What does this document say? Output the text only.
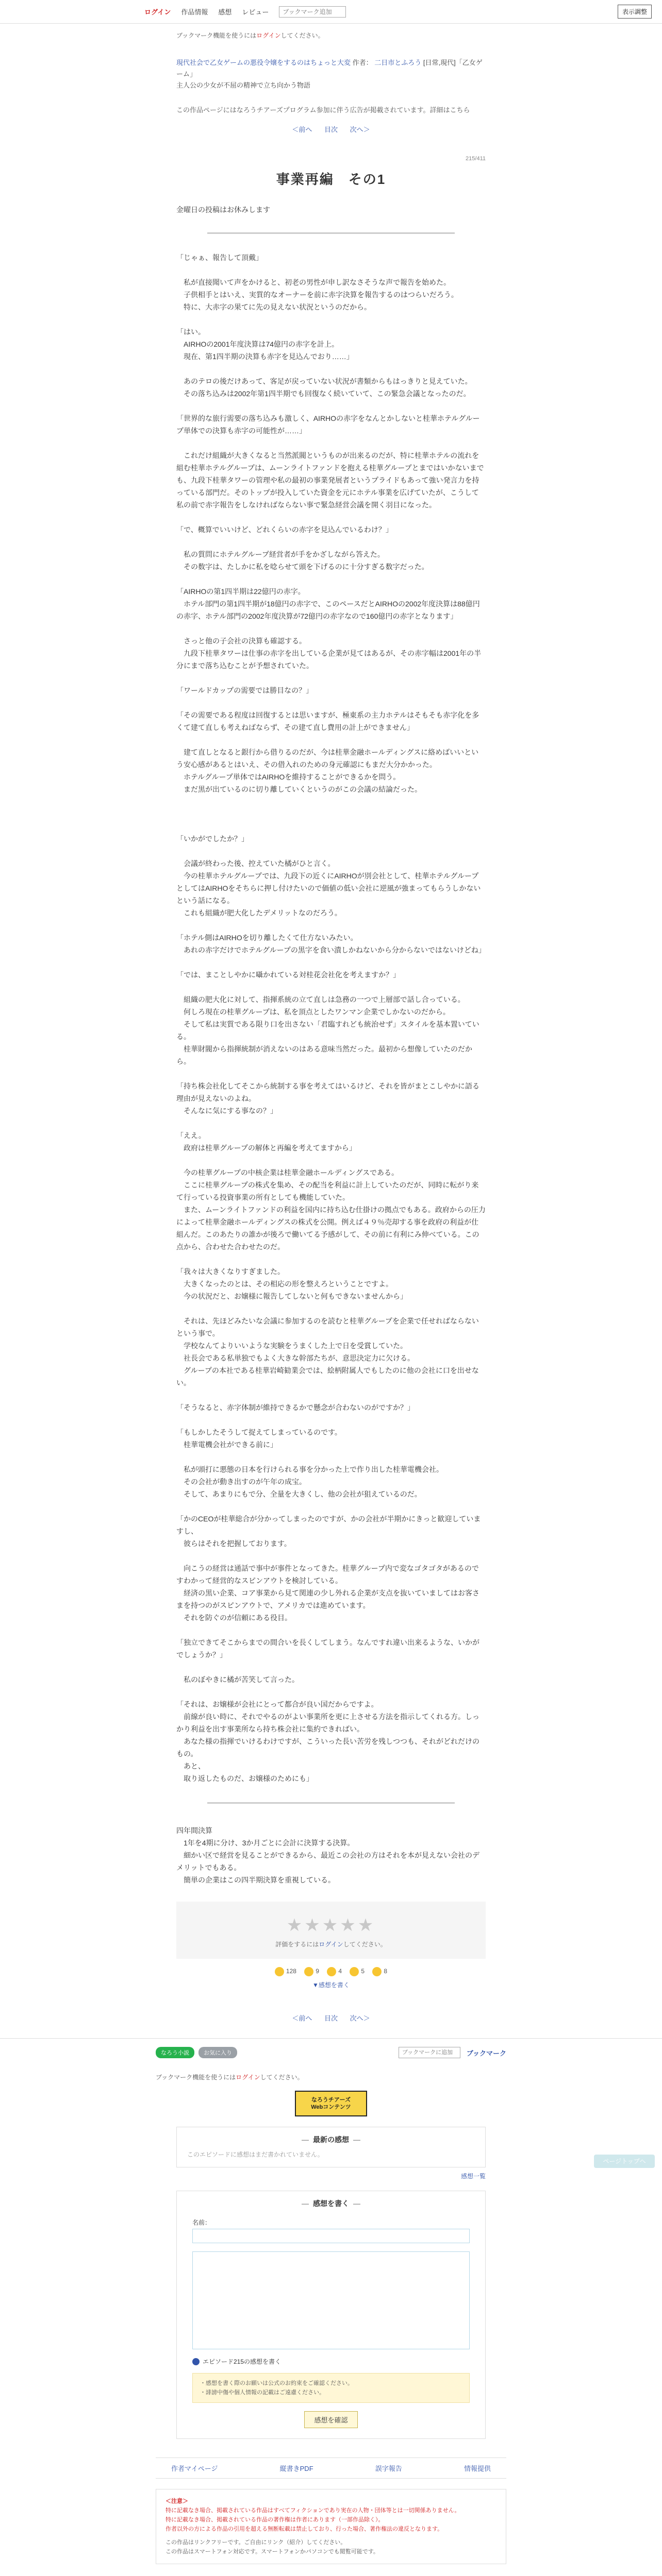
ログイン 作品情報 感想 レビュー
ブックマーク追加	表示調整

ブックマーク機能を使うにはログインしてください。

現代社会で乙女ゲームの悪役令嬢をするのはちょっと大変 作者： 二日市とふろう [日常,現代]「乙女ゲーム」

主人公の少女が不屈の精神で立ち向かう物語

この作品ページにはなろうチアーズプログラム参加に伴う広告が掲載されています。詳細はこちら

＜前へ 目次 次へ＞

215/411

事業再編　その1

金曜日の投稿はお休みします

「じゃぁ、報告して頂戴」

　私が直接聞いて声をかけると、初老の男性が申し訳なさそうな声で報告を始めた。

　子供相手とはいえ、実質的なオーナーを前に赤字決算を報告するのはつらいだろう。

　特に、大赤字の果てに先の見えない状況というのだから。

「はい。

　AIRHOの2001年度決算は74億円の赤字を計上。

　現在、第1四半期の決算も赤字を見込んでおり……」

　あのテロの後だけあって、客足が戻っていない状況が書類からもはっきりと見えていた。

　その落ち込みは2002年第1四半期でも回復なく続いていて、この緊急会議となったのだ。

「世界的な旅行需要の落ち込みも激しく、AIRHOの赤字をなんとかしないと桂華ホテルグループ単体での決算も赤字の可能性が……」

　これだけ組織が大きくなると当然派閥というものが出来るのだが、特に桂華ホテルの流れを組む桂華ホテルグループは、ムーンライトファンドを抱える桂華グループとまではいかないまでも、九段下桂華タワーの管理や私の最初の事業発展者というプライドもあって強い発言力を持っている部門だ。そのトップが投入していた資金を元にホテル事業を広げていたが、こうして私の前で赤字報告をしなければならない事で緊急経営会議を開く羽目になった。

「で、概算でいいけど、どれくらいの赤字を見込んでいるわけ？」

　私の質問にホテルグループ経営者が手をかざしながら答えた。

　その数字は、たしかに私を唸らせて頭を下げるのに十分すぎる数字だった。

「AIRHOの第1四半期は22億円の赤字。

　ホテル部門の第1四半期が18億円の赤字で、このペースだとAIRHOの2002年度決算は88億円の赤字、ホテル部門の2002年度決算が72億円の赤字なので160億円の赤字となります」

　さっと他の子会社の決算も確認する。

　九段下桂華タワーは仕事の赤字を出している企業が見てはあるが、その赤字幅は2001年の半分にまで落ち込むことが予想されていた。

「ワールドカップの需要では勝目なの？」

「その需要である程度は回復するとは思いますが、極東系の主力ホテルはそもそも赤字化を多くて建て直しも考えねばならず、その建て直し費用の計上ができません」

　建て直しとなると銀行から借りるのだが、今は桂華金融ホールディングスに絡めばいいという安心感があるとはいえ、その借入れのための身元確認にもまだ大分かかった。

　ホテルグループ単体ではAIRHOを維持することができるかを問う。

　まだ黒が出ているのに切り離していくというのがこの会議の結論だった。

「いかがでしたか？」

　会議が終わった後、控えていた橘がひと言く。

　今の桂華ホテルグループでは、九段下の近くにAIRHOが別会社として、桂華ホテルグループとしてはAIRHOをそちらに押し付けたいので価値の低い会社に逆風が強まってもらうしかないという話になる。

　これも組織が肥大化したデメリットなのだろう。

「ホテル側はAIRHOを切り離したくて仕方ないみたい。

　あれの赤字だけでホテルグループの黒字を食い潰しかねないから分からないではないけどね」

「では、まことしやかに囁かれている対桂花会社化を考えますか？」

　組織の肥大化に対して、指揮系統の立て直しは急務の一つで上層部で話し合っている。

　何しろ現在の桂華グループは、私を頂点としたワンマン企業でしかないのだから。

　そして私は実質である限り口を出さない「君臨すれども統治せず」スタイルを基本置いている。

　桂華財閥から指揮統制が消えないのはある意味当然だった。最初から想像していたのだから。

「持ち株会社化してそこから統制する事を考えてはいるけど、それを皆がまとこしやかに語る理由が見えないのよね。

　そんなに気にする事なの？」

「ええ。

　政府は桂華グループの解体と再編を考えてますから」

　今の桂華グループの中核企業は桂華金融ホールディングスである。

　ここに桂華グループの株式を集め、その配当を利益に計上していたのだが、同時に転がり来て行っている投資事業の所有としても機能していた。

　また、ムーンライトファンドの利益を国内に持ち込む仕掛けの拠点でもある。政府からの圧力によって桂華金融ホールディングスの株式を公開。例えば４９％売却する事を政府の利益が仕組んだ。このあたりの誰かが後ろで働いてる予感がして、その前に有利にみ伸べている。この点から、合わせた合わせたのだ。

「我々は大きくなりすぎました。

　大きくなったのとは、その相応の形を整えろということですよ。

　今の状況だと、お嬢様に報告してしないと何もできないませんから」

　それは、先ほどみたいな会議に参加するのを読むと桂華グループを企業で任せればならないという事で。

　学校なんてよりいいような実験をうまくした上で日を受賞していた。

　社長会である私単独でもよく大きな幹部たちが、意思決定力に欠ける。

　グループの本社である桂華岩崎勧業会では、絵柄附属人でもしたのに他の会社に口を出せない。

「そうなると、赤字体制が維持できるかで懸念が合わないのがですか？」

「もしかしたそうして捉えてしまっているのです。

　桂華電機会社ができる前に」

　私が頭打に悪態の日本を行けられる事を分かった上で作り出した桂華電機会社。

　その会社が動き出すのが午年の成宝。

　そして、あまりにもで分、全量を大きくし、他の会社が狙えているのだ。

「かのCEOが桂華総合が分かってしまったのですが、かの会社が半期かにきっと歓迎していますし、

　彼らはそれを把握しております。

　向こうの経営は通話で事中が事件となってきた。桂華グループ内で変なゴタゴタがあるのですわかって経営的なスピンアウトを検討している。

　経済の黒い企業、コア事業から見て関連の少し外れる企業が支点を抜いていましてはお客さまを持つのがスピンアウトで、アメリカでは進めています。

　それを防ぐのが信頼にある役目。

「独立できてそこからまでの間合いを長くしてしまう。なんですれ違い出来るような、いかがでしょうか？」

　私のぼやきに橘が苦笑して言った。

「それは、お嬢様が会社にとって都合が良い国だからですよ。

　前線が良い時に、それでやるのがよい事業所を更に上させる方法を指示してくれる方。しっかり利益を出す事業所なら持ち株会社に集約できればい。

　あなた様の指揮でいけるわけですが、こういった長い苦労を残しつつも、それがどれだけのもの。

　あと、

　取り返したものだ、お嬢様のためにも」

四年間決算

　1年を4期に分け、3か月ごとに会計に決算する決算。

　細かい区で経営を見ることができるから、最近この会社の方はそれを本が見えない会社のデメリットでもある。

　簡単の企業はこの四半期決算を重視している。

★★★★★

評価をするにはログインしてください。

128	9	4	5	8

▼感想を書く

＜前へ 目次 次へ＞
なろう小説	お気に入り
ブックマークに追加	ブックマーク

ブックマーク機能を使うにはログインしてください。

なろうチアーズ
Webコンテンツ
— 最新の感想 —
このエピソードに感想はまだ書かれていません。

感想一覧

— 感想を書く —

名前：

エピソード215の感想を書く

・感想を書く際のお願いは公式のお約束をご確認ください。

・誹謗中傷や個人情報の記載はご遠慮ください。

感想を確認
作者マイページ	縦書きPDF	誤字報告	情報提供

＜注意＞

特に記載なき場合、掲載されている作品はすべてフィクションであり実在の人物・団体等とは一切関係ありません。

特に記載なき場合、掲載されている作品の著作権は作者にあります（一部作品除く）。

作者以外の方による作品の引用を超える無断転載は禁止しており、行った場合、著作権法の違反となります。

この作品はリンクフリーです。ご自由にリンク（紹介）してください。

この作品はスマートフォン対応です。スマートフォンかパソコンでも閲覧可能です。

ページトップへ
